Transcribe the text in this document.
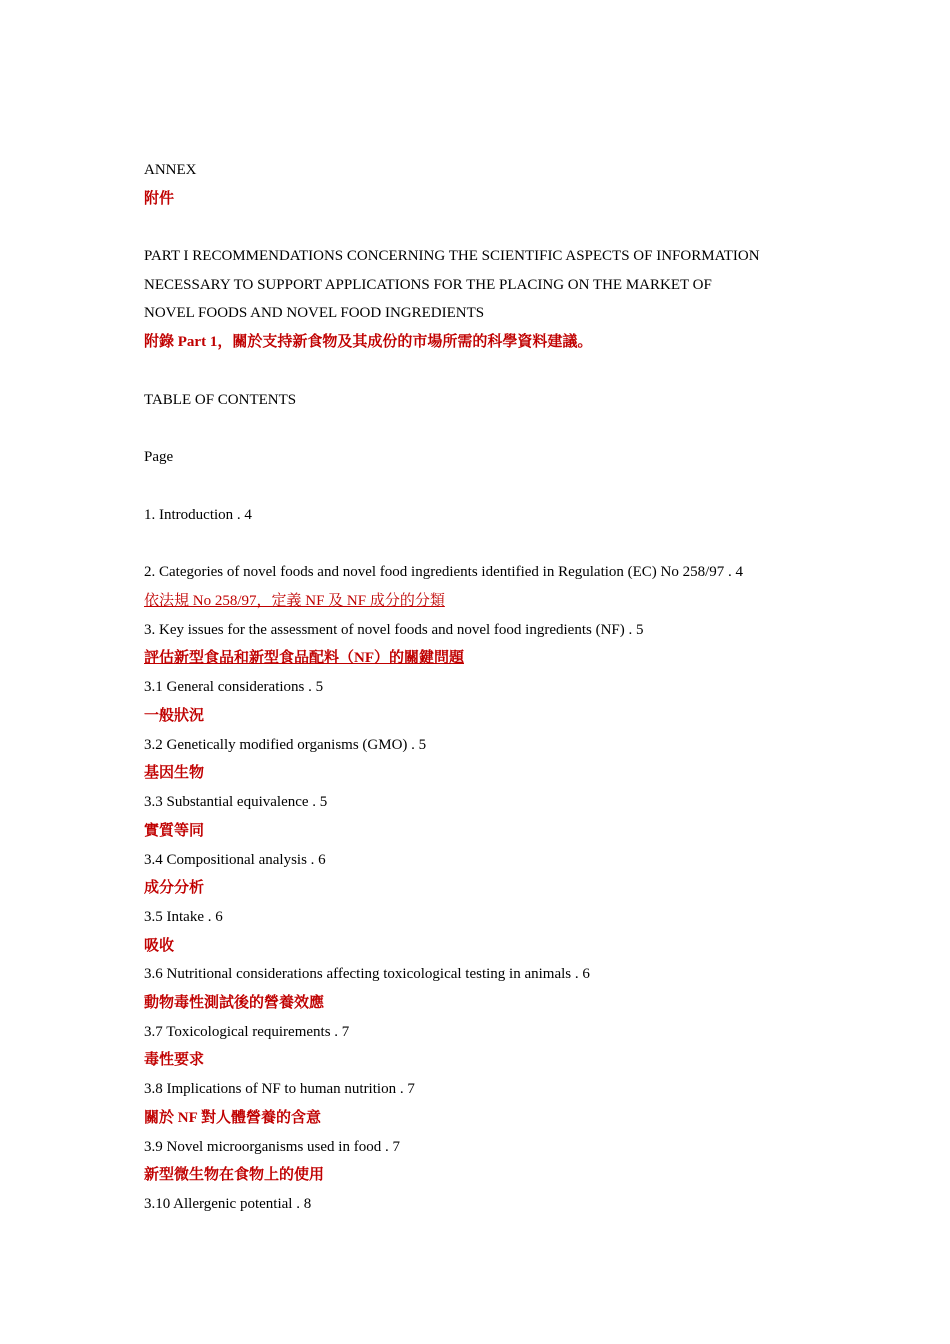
ANNEX
附件
PART I RECOMMENDATIONS CONCERNING THE SCIENTIFIC ASPECTS OF INFORMATION
NECESSARY TO SUPPORT APPLICATIONS FOR THE PLACING ON THE MARKET OF
NOVEL FOODS AND NOVEL FOOD INGREDIENTS
附錄 Part 1，關於支持新食物及其成份的市場所需的科學資料建議。
TABLE OF CONTENTS
Page
1. Introduction . 4
2. Categories of novel foods and novel food ingredients identified in Regulation (EC) No 258/97 . 4
依法規 No 258/97，定義 NF 及 NF 成分的分類
3. Key issues for the assessment of novel foods and novel food ingredients (NF) . 5
評估新型食品和新型食品配料（NF）的關鍵問題
3.1 General considerations . 5
一般狀況
3.2 Genetically modified organisms (GMO) . 5
基因生物
3.3 Substantial equivalence . 5
實質等同
3.4 Compositional analysis . 6
成分分析
3.5 Intake . 6
吸收
3.6 Nutritional considerations affecting toxicological testing in animals . 6
動物毒性測試後的營養效應
3.7 Toxicological requirements . 7
毒性要求
3.8 Implications of NF to human nutrition . 7
關於 NF 對人體營養的含意
3.9 Novel microorganisms used in food . 7
新型微生物在食物上的使用
3.10 Allergenic potential . 8
